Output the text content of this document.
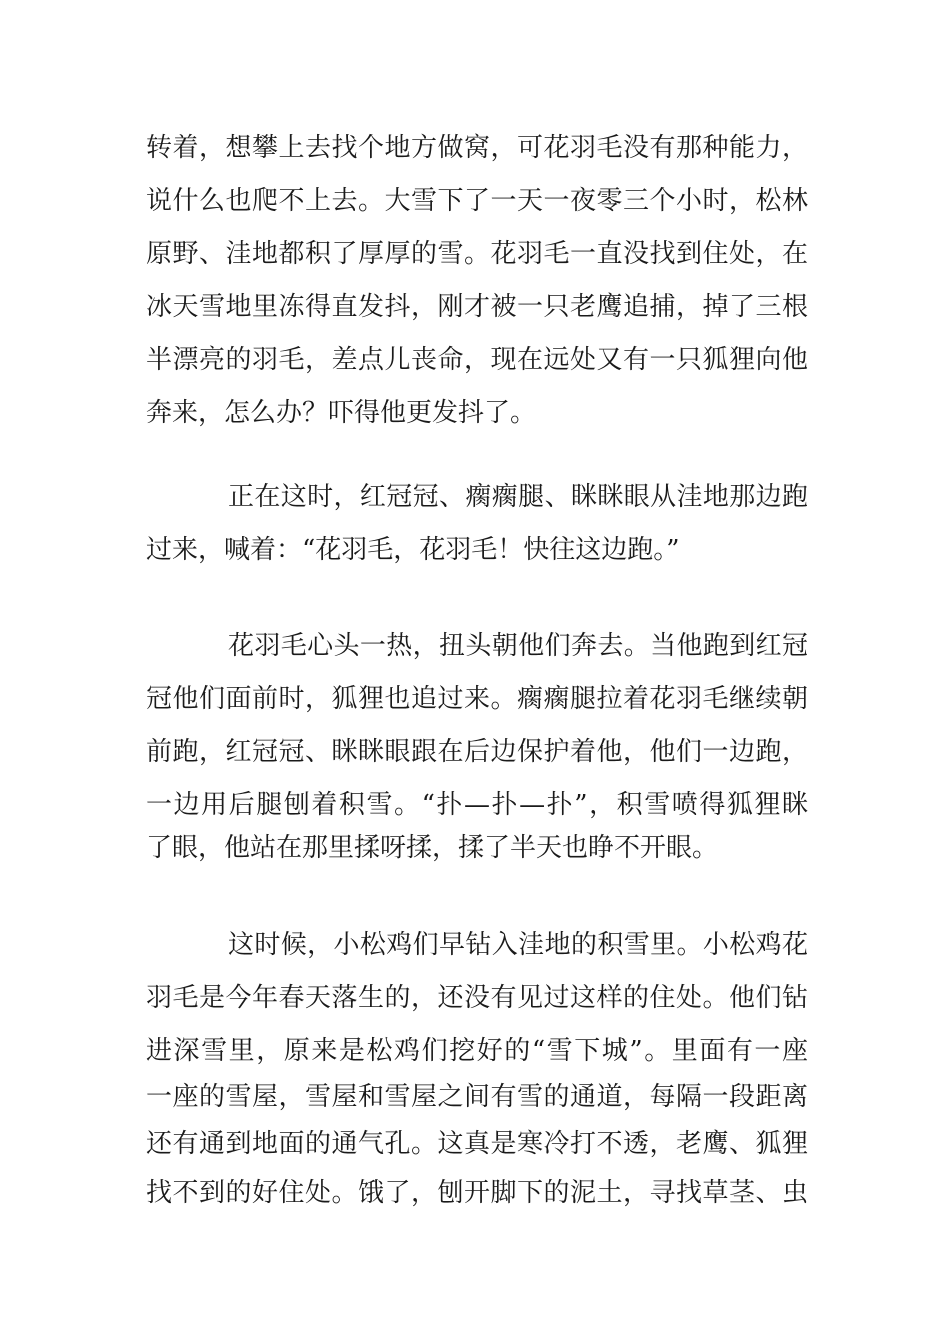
转着，想攀上去找个地方做窝，可花羽毛没有那种能力，
说什么也爬不上去。大雪下了一天一夜零三个小时，松林
原野、洼地都积了厚厚的雪。花羽毛一直没找到住处，在
冰天雪地里冻得直发抖，刚才被一只老鹰追捕，掉了三根
半漂亮的羽毛，差点儿丧命，现在远处又有一只狐狸向他
奔来，怎么办？吓得他更发抖了。
正在这时，红冠冠、瘸瘸腿、眯眯眼从洼地那边跑
过来，喊着：“花羽毛，花羽毛！快往这边跑。”
花羽毛心头一热，扭头朝他们奔去。当他跑到红冠
冠他们面前时，狐狸也追过来。瘸瘸腿拉着花羽毛继续朝
前跑，红冠冠、眯眯眼跟在后边保护着他，他们一边跑，
一边用后腿刨着积雪。“扑—扑—扑”，积雪喷得狐狸眯
了眼，他站在那里揉呀揉，揉了半天也睁不开眼。
这时候，小松鸡们早钻入洼地的积雪里。小松鸡花
羽毛是今年春天落生的，还没有见过这样的住处。他们钻
进深雪里，原来是松鸡们挖好的“雪下城”。里面有一座
一座的雪屋，雪屋和雪屋之间有雪的通道，每隔一段距离
还有通到地面的通气孔。这真是寒冷打不透，老鹰、狐狸
找不到的好住处。饿了，刨开脚下的泥土，寻找草茎、虫
